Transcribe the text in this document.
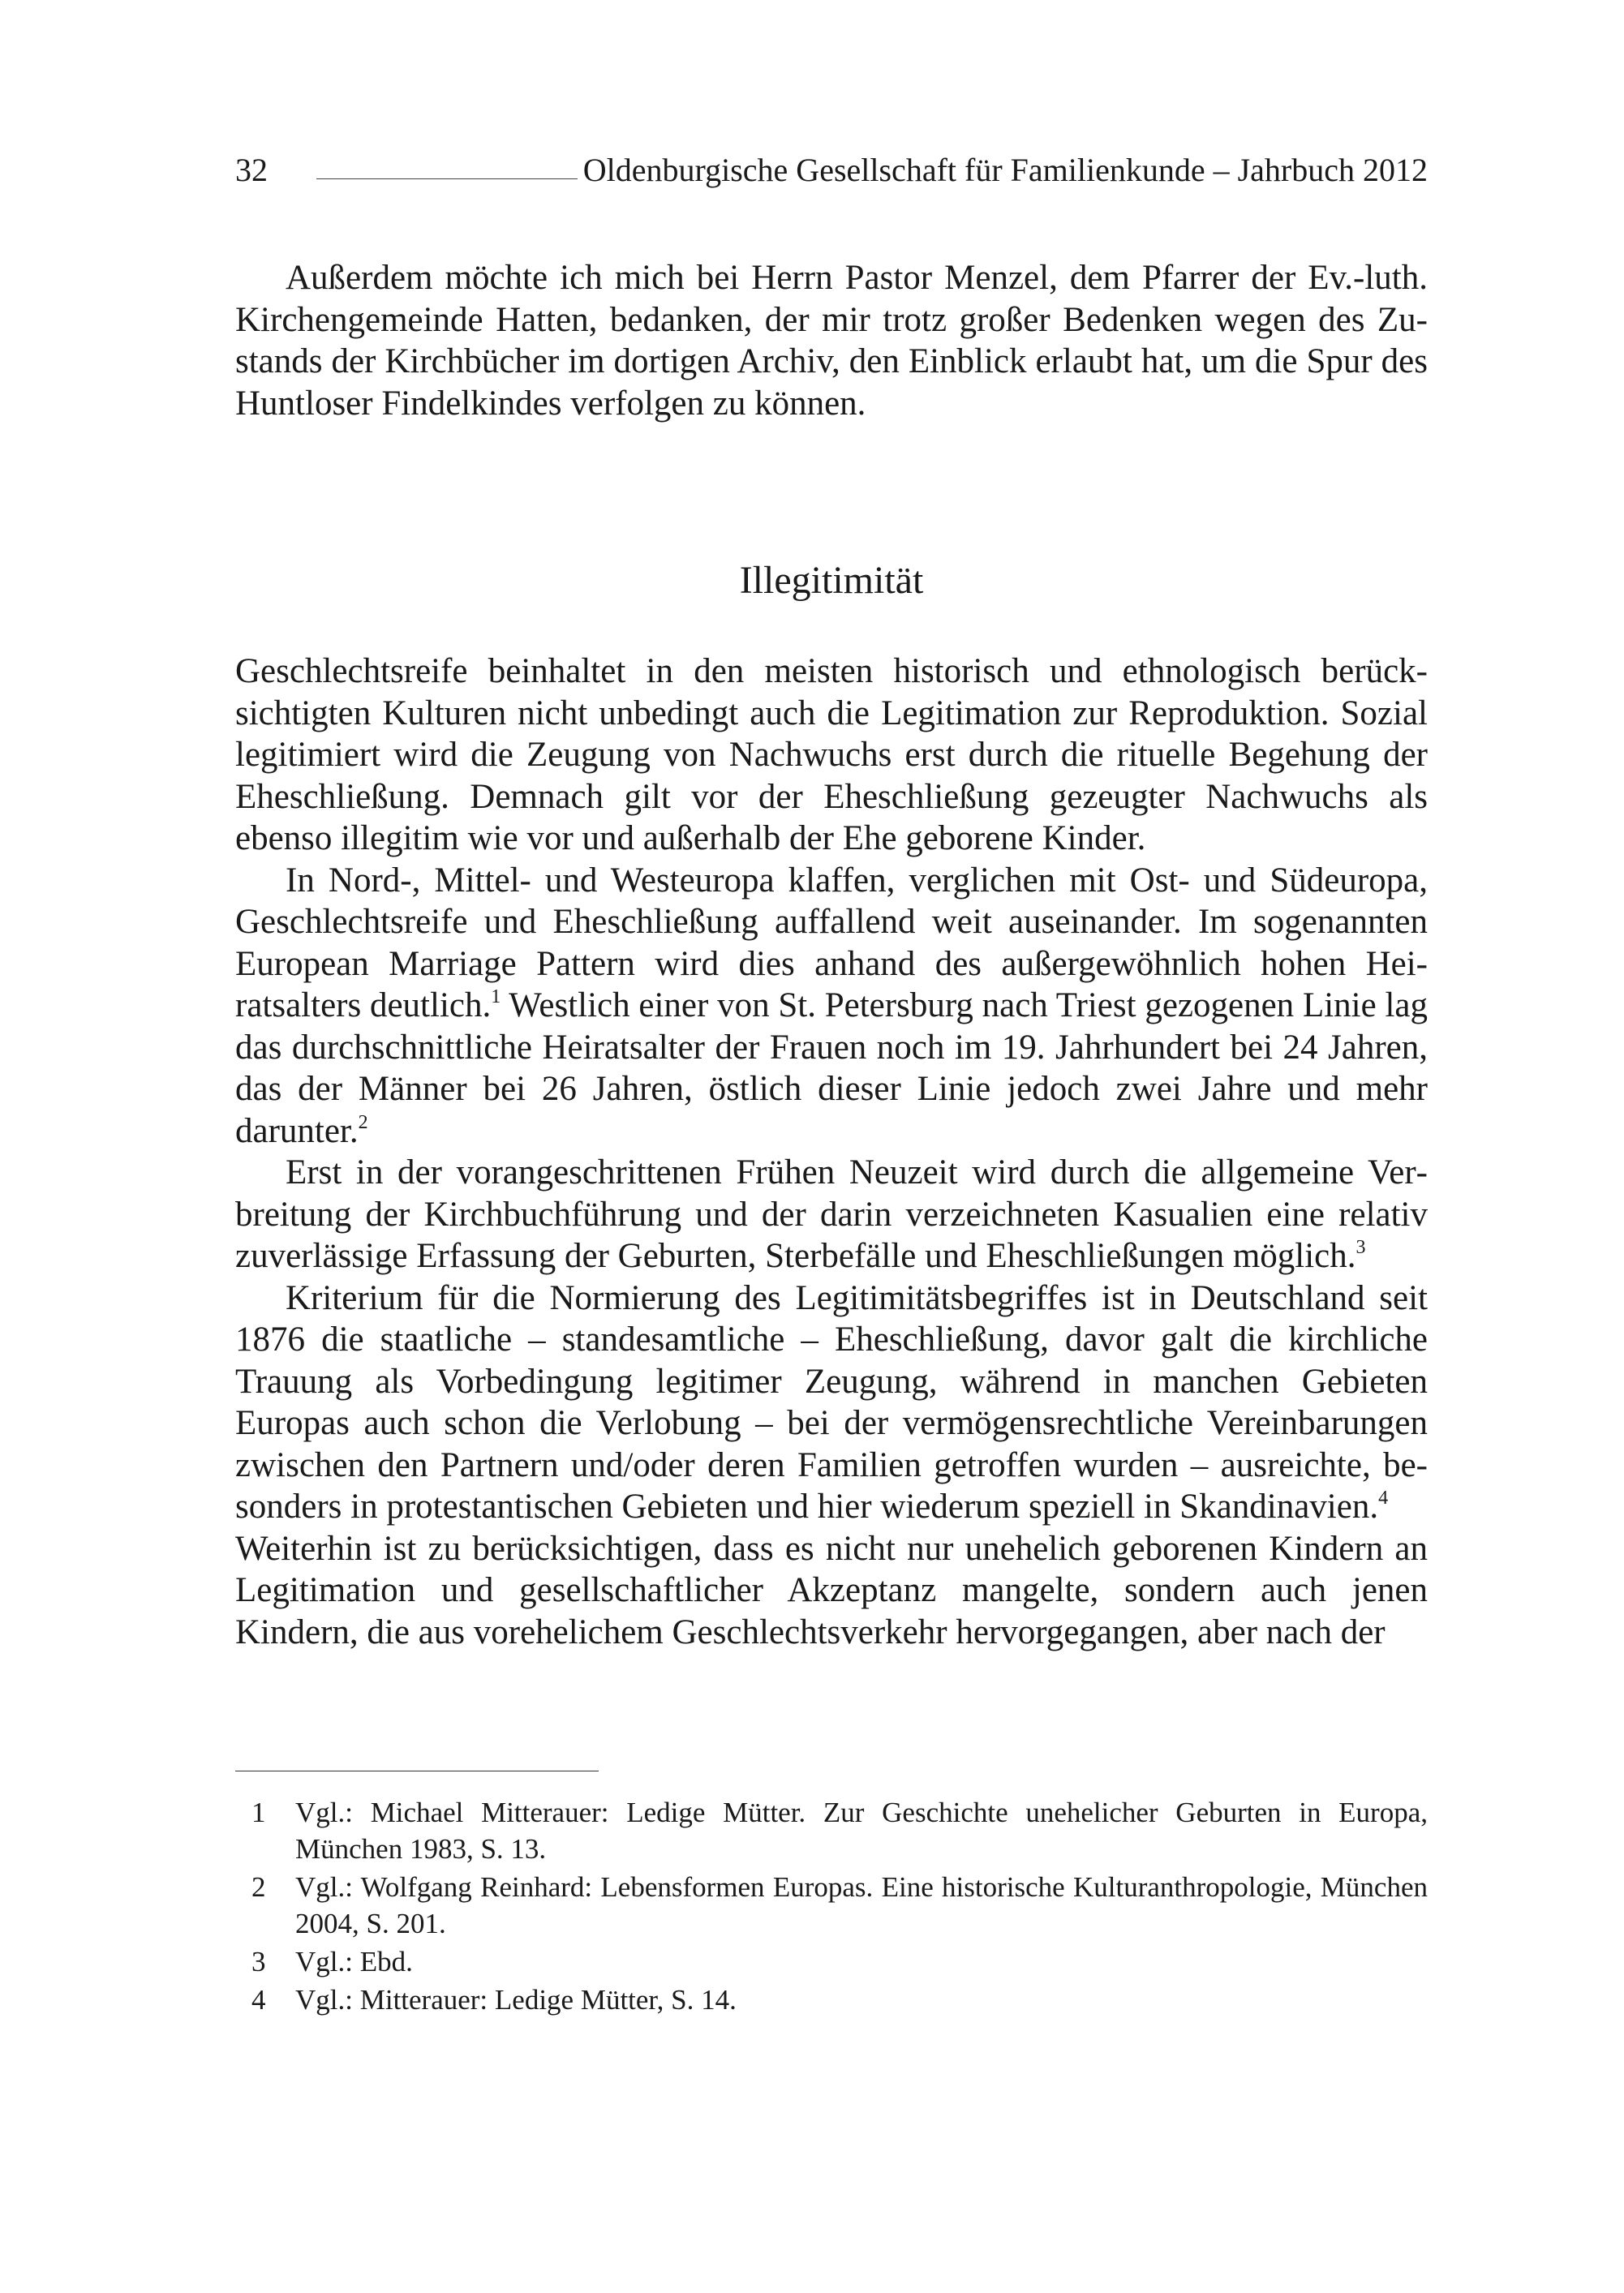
32	Oldenburgische Gesellschaft für Familienkunde – Jahrbuch 2012

Außerdem möchte ich mich bei Herrn Pastor Menzel, dem Pfarrer der Ev.-luth. Kirchengemeinde Hatten, bedanken, der mir trotz großer Bedenken wegen des Zustands der Kirchbücher im dortigen Archiv, den Einblick erlaubt hat, um die Spur des Huntloser Findelkindes verfolgen zu können.

Illegitimität

Geschlechtsreife beinhaltet in den meisten historisch und ethnologisch berücksichtigten Kulturen nicht unbedingt auch die Legitimation zur Reproduktion. Sozial legitimiert wird die Zeugung von Nachwuchs erst durch die rituelle Begehung der Eheschließung. Demnach gilt vor der Eheschließung gezeugter Nachwuchs als ebenso illegitim wie vor und außerhalb der Ehe geborene Kinder.

In Nord-, Mittel- und Westeuropa klaffen, verglichen mit Ost- und Südeuropa, Geschlechtsreife und Eheschließung auffallend weit auseinander. Im sogenannten European Marriage Pattern wird dies anhand des außergewöhnlich hohen Heiratsalters deutlich.$^1$ Westlich einer von St. Petersburg nach Triest gezogenen Linie lag das durchschnittliche Heiratsalter der Frauen noch im 19. Jahrhundert bei 24 Jahren, das der Männer bei 26 Jahren, östlich dieser Linie jedoch zwei Jahre und mehr darunter.$^2$

Erst in der vorangeschrittenen Frühen Neuzeit wird durch die allgemeine Verbreitung der Kirchbuchführung und der darin verzeichneten Kasualien eine relativ zuverlässige Erfassung der Geburten, Sterbefälle und Eheschließungen möglich.$^3$

Kriterium für die Normierung des Legitimitätsbegriffes ist in Deutschland seit 1876 die staatliche – standesamtliche – Eheschließung, davor galt die kirchliche Trauung als Vorbedingung legitimer Zeugung, während in manchen Gebieten Europas auch schon die Verlobung – bei der vermögensrechtliche Vereinbarungen zwischen den Partnern und/oder deren Familien getroffen wurden – ausreichte, besonders in protestantischen Gebieten und hier wiederum speziell in Skandinavien.$^4$

Weiterhin ist zu berücksichtigen, dass es nicht nur unehelich geborenen Kindern an Legitimation und gesellschaftlicher Akzeptanz mangelte, sondern auch jenen Kindern, die aus vorehelichem Geschlechtsverkehr hervorgegangen, aber nach der

1 Vgl.: Michael Mitterauer: Ledige Mütter. Zur Geschichte unehelicher Geburten in Europa, München 1983, S. 13.
2 Vgl.: Wolfgang Reinhard: Lebensformen Europas. Eine historische Kulturanthropologie, München 2004, S. 201.
3 Vgl.: Ebd.
4 Vgl.: Mitterauer: Ledige Mütter, S. 14.
